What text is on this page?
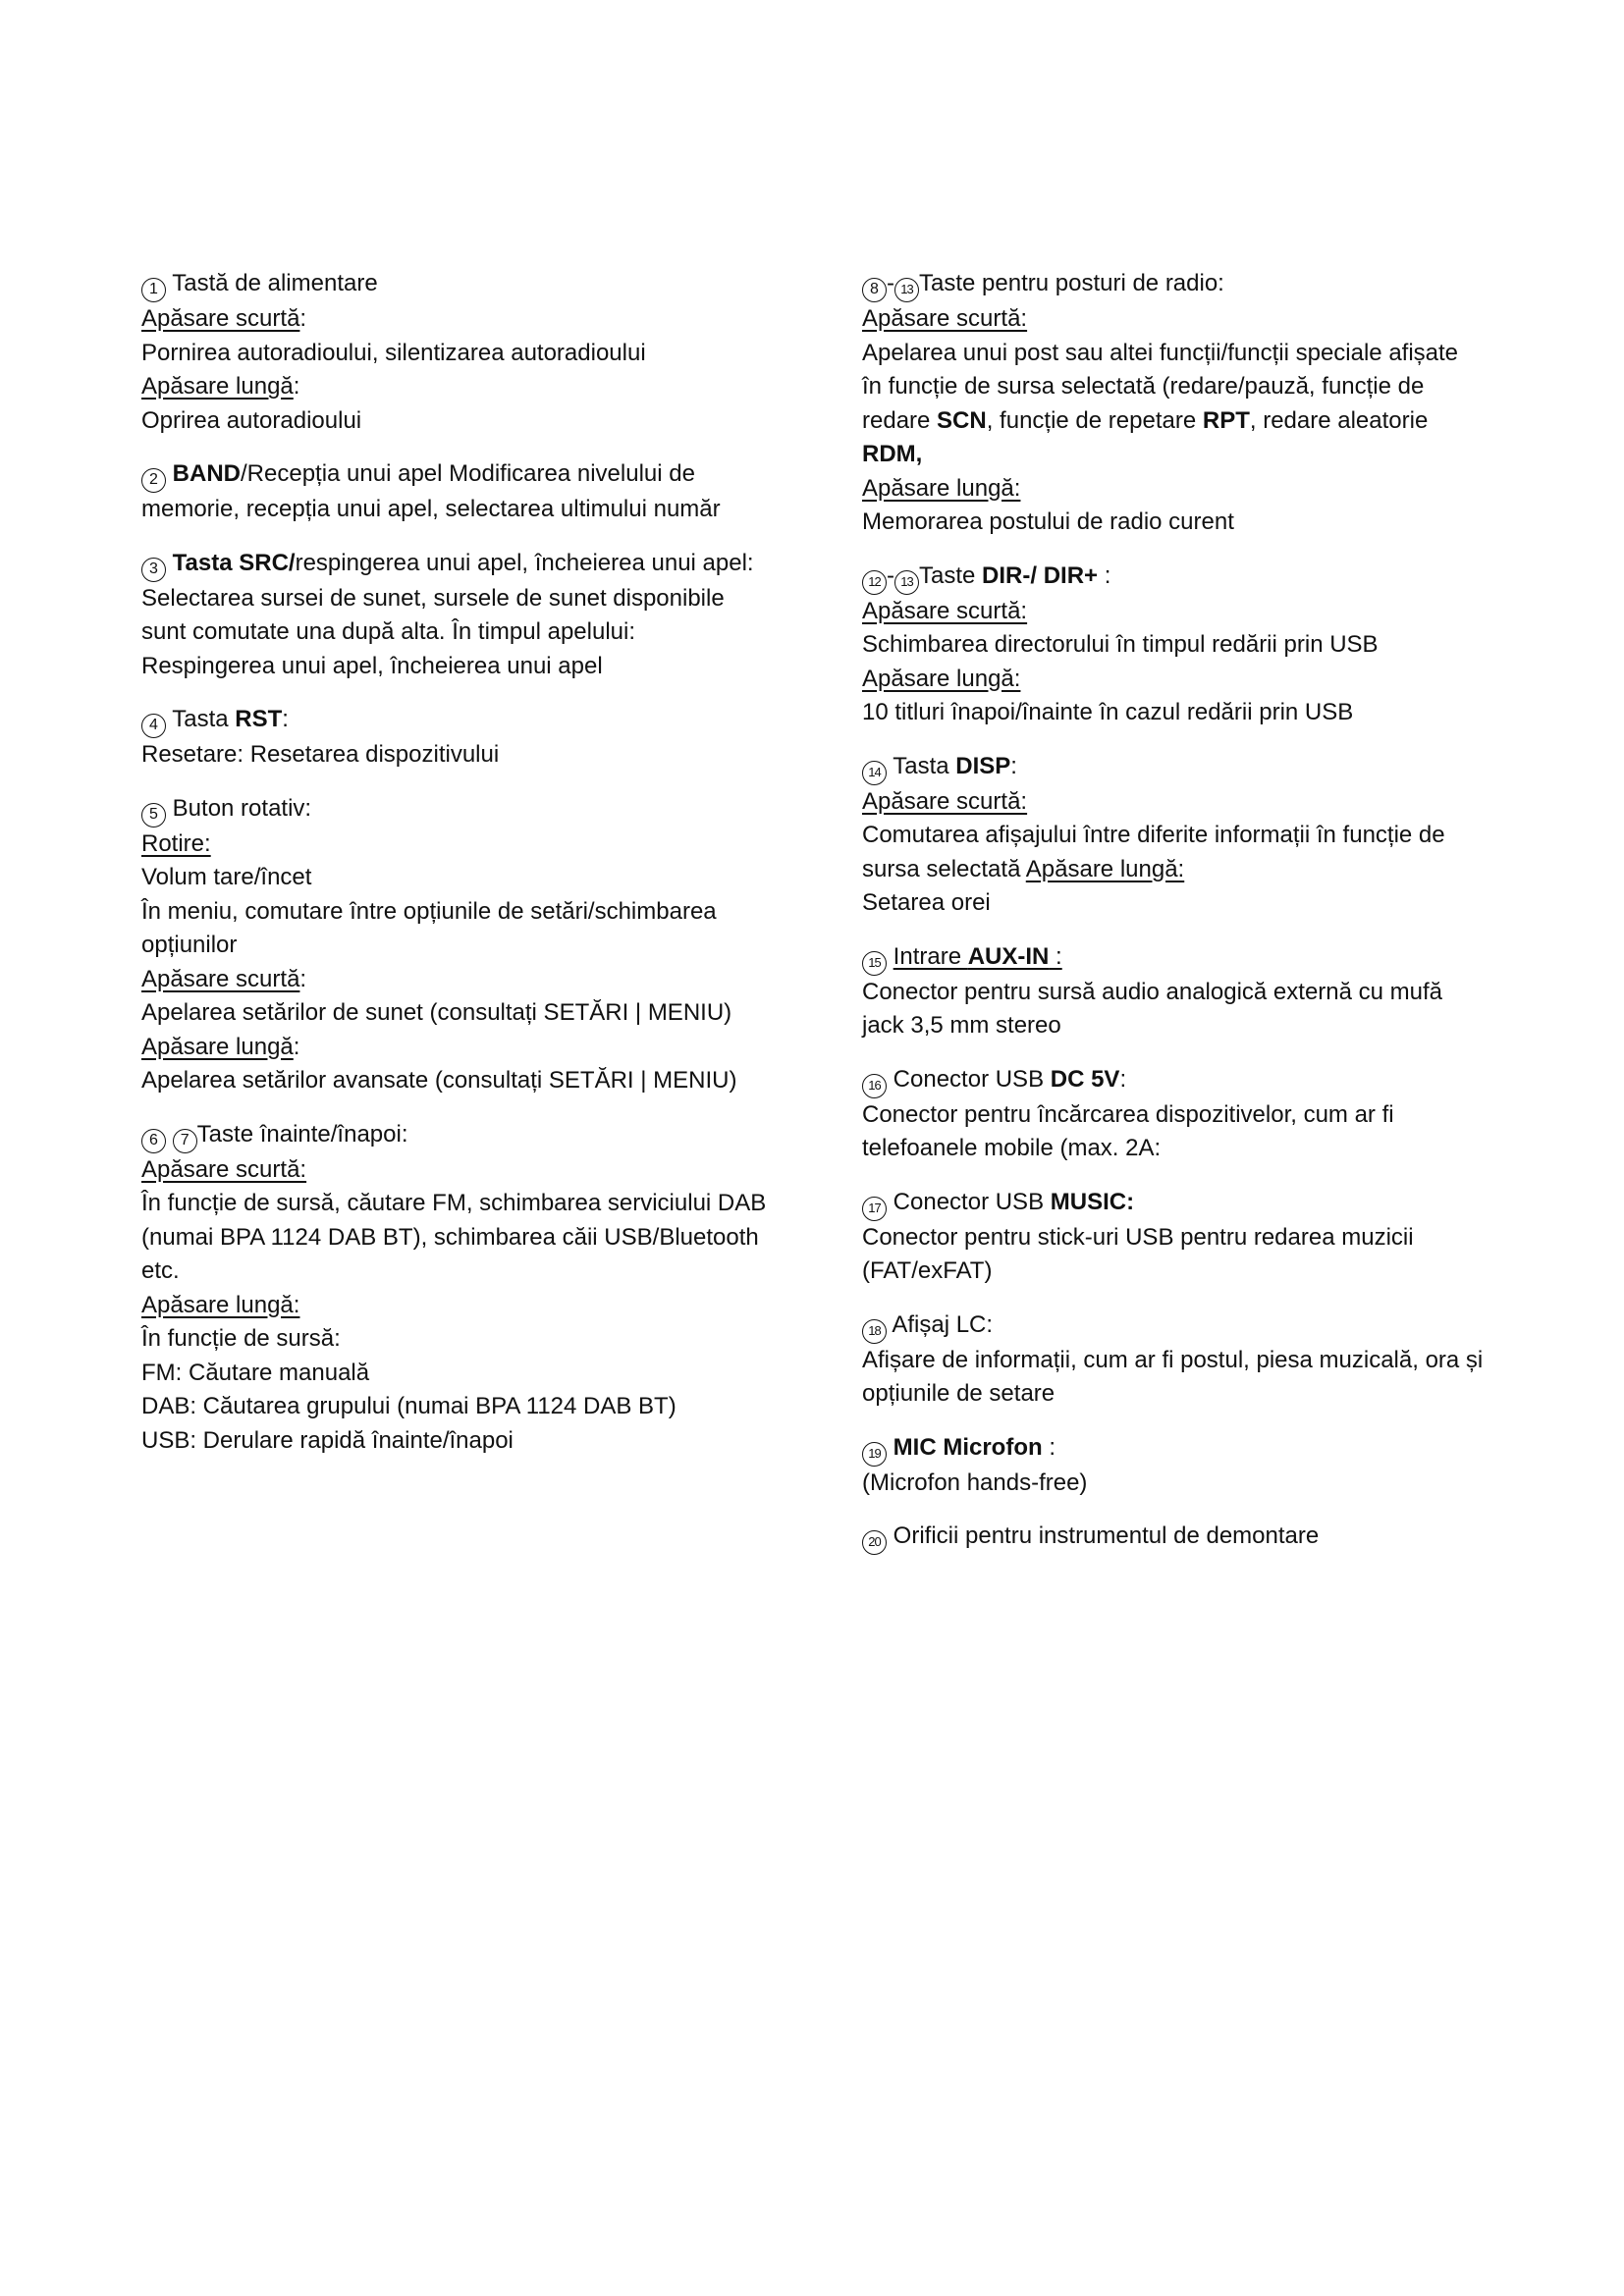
1 Tastă de alimentare

Apăsare scurtă:

Pornirea autoradioului, silentizarea autoradioului

Apăsare lungă:

Oprirea autoradioului

2 BAND/Recepția unui apel Modificarea nivelului de

memorie, recepția unui apel, selectarea ultimului număr

3 Tasta SRC/respingerea unui apel, încheierea unui apel:

Selectarea sursei de sunet, sursele de sunet disponibile

sunt comutate una după alta. În timpul apelului:

Respingerea unui apel, încheierea unui apel

4 Tasta RST:

Resetare: Resetarea dispozitivului

5 Buton rotativ:

Rotire:

Volum tare/încet

În meniu, comutare între opțiunile de setări/schimbarea

opțiunilor

Apăsare scurtă:

Apelarea setărilor de sunet (consultați SETĂRI | MENIU)

Apăsare lungă:

Apelarea setărilor avansate (consultați SETĂRI | MENIU)

6 7 Taste înainte/înapoi:

Apăsare scurtă:

În funcție de sursă, căutare FM, schimbarea serviciului DAB

(numai BPA 1124 DAB BT), schimbarea căii USB/Bluetooth

etc.

Apăsare lungă:

În funcție de sursă:

FM: Căutare manuală

DAB: Căutarea grupului (numai BPA 1124 DAB BT)

USB: Derulare rapidă înainte/înapoi

8 - 13 Taste pentru posturi de radio:

Apăsare scurtă:

Apelarea unui post sau altei funcții/funcții speciale afișate

în funcție de sursa selectată (redare/pauză, funcție de

redare SCN, funcție de repetare RPT, redare aleatorie

RDM,

Apăsare lungă:

Memorarea postului de radio curent

12 - 13 Taste DIR-/ DIR+ :

Apăsare scurtă:

Schimbarea directorului în timpul redării prin USB

Apăsare lungă:

10 titluri înapoi/înainte în cazul redării prin USB

14 Tasta DISP:

Apăsare scurtă:

Comutarea afișajului între diferite informații în funcție de

sursa selectată Apăsare lungă:

Setarea orei

15 Intrare AUX-IN :

Conector pentru sursă audio analogică externă cu mufă

jack 3,5 mm stereo

16 Conector USB DC 5V:

Conector pentru încărcarea dispozitivelor, cum ar fi

telefoanele mobile (max. 2A:

17 Conector USB MUSIC:

Conector pentru stick-uri USB pentru redarea muzicii

(FAT/exFAT)

18 Afișaj LC:

Afișare de informații, cum ar fi postul, piesa muzicală, ora și

opțiunile de setare

19 MIC Microfon :

(Microfon hands-free)

20 Orificii pentru instrumentul de demontare
